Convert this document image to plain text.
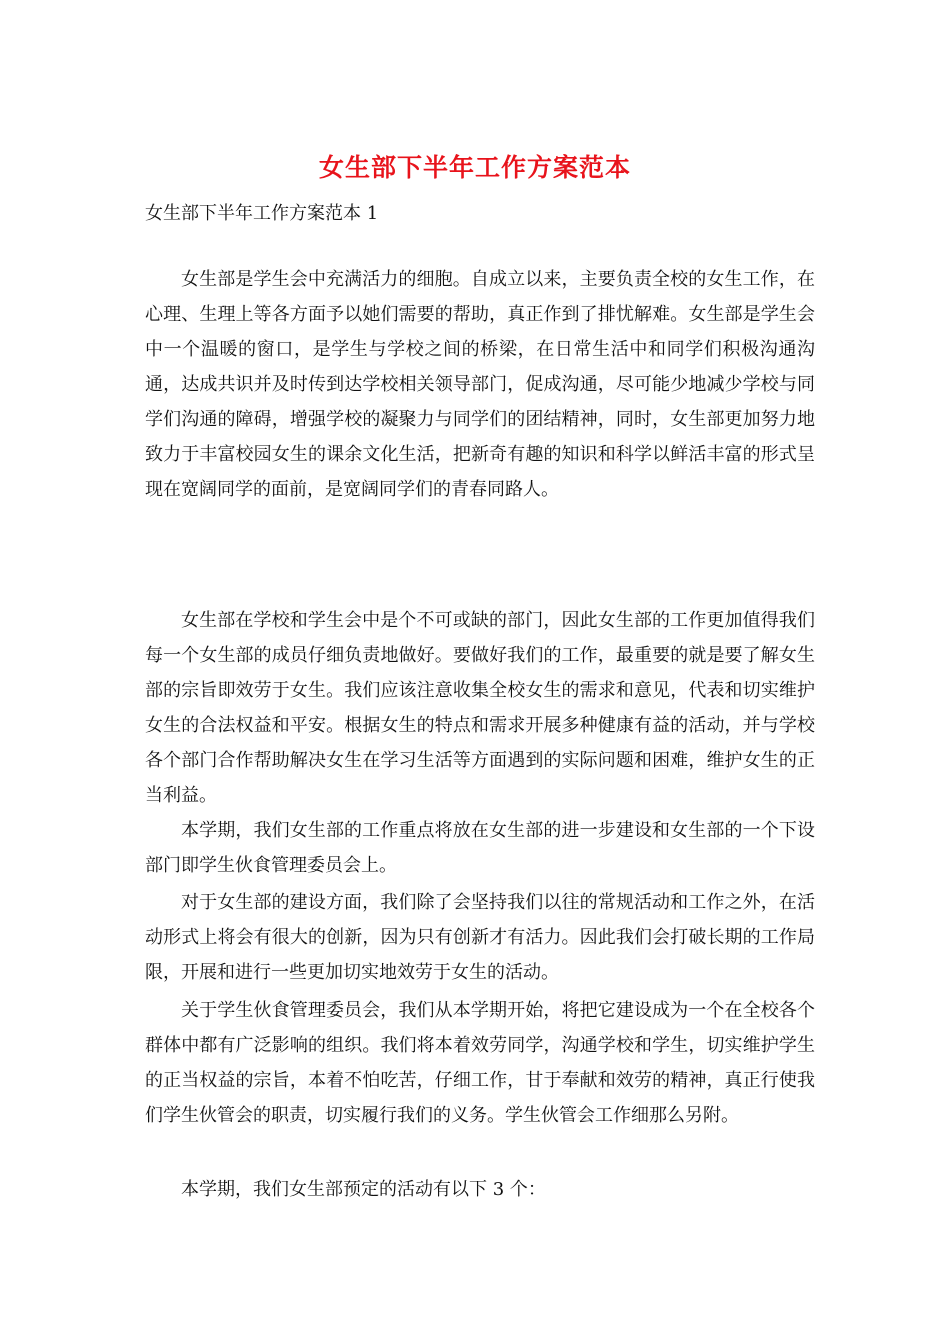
女生部下半年工作方案范本
女生部下半年工作方案范本 1

女生部是学生会中充满活力的细胞。自成立以来，主要负责全校的女生工作，在心理、生理上等各方面予以她们需要的帮助，真正作到了排忧解难。女生部是学生会中一个温暖的窗口，是学生与学校之间的桥梁，在日常生活中和同学们积极沟通沟通，达成共识并及时传到达学校相关领导部门，促成沟通，尽可能少地减少学校与同学们沟通的障碍，增强学校的凝聚力与同学们的团结精神，同时，女生部更加努力地致力于丰富校园女生的课余文化生活，把新奇有趣的知识和科学以鲜活丰富的形式呈现在宽阔同学的面前，是宽阔同学们的青春同路人。

女生部在学校和学生会中是个不可或缺的部门，因此女生部的工作更加值得我们每一个女生部的成员仔细负责地做好。要做好我们的工作，最重要的就是要了解女生部的宗旨即效劳于女生。我们应该注意收集全校女生的需求和意见，代表和切实维护女生的合法权益和平安。根据女生的特点和需求开展多种健康有益的活动，并与学校各个部门合作帮助解决女生在学习生活等方面遇到的实际问题和困难，维护女生的正当利益。

本学期，我们女生部的工作重点将放在女生部的进一步建设和女生部的一个下设部门即学生伙食管理委员会上。

对于女生部的建设方面，我们除了会坚持我们以往的常规活动和工作之外，在活动形式上将会有很大的创新，因为只有创新才有活力。因此我们会打破长期的工作局限，开展和进行一些更加切实地效劳于女生的活动。

关于学生伙食管理委员会，我们从本学期开始，将把它建设成为一个在全校各个群体中都有广泛影响的组织。我们将本着效劳同学，沟通学校和学生，切实维护学生的正当权益的宗旨，本着不怕吃苦，仔细工作，甘于奉献和效劳的精神，真正行使我们学生伙管会的职责，切实履行我们的义务。学生伙管会工作细那么另附。

本学期，我们女生部预定的活动有以下 3 个：
